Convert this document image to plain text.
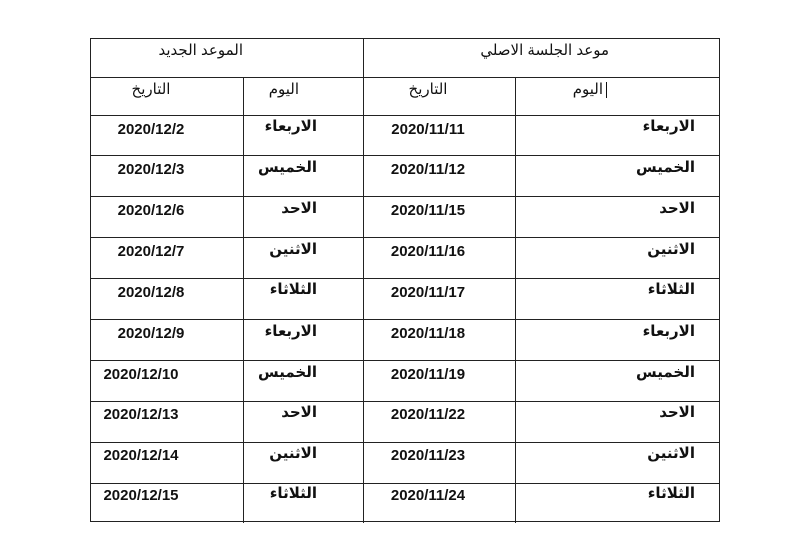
الموعد الجديد	موعد الجلسة الاصلي
التاريخ	اليوم	التاريخ	اليوم
2020/12/2	الاربعاء	2020/11/11	الاربعاء
2020/12/3	الخميس	2020/11/12	الخميس
2020/12/6	الاحد	2020/11/15	الاحد
2020/12/7	الاثنين	2020/11/16	الاثنين
2020/12/8	الثلاثاء	2020/11/17	الثلاثاء
2020/12/9	الاربعاء	2020/11/18	الاربعاء
2020/12/10	الخميس	2020/11/19	الخميس
2020/12/13	الاحد	2020/11/22	الاحد
2020/12/14	الاثنين	2020/11/23	الاثنين
2020/12/15	الثلاثاء	2020/11/24	الثلاثاء
